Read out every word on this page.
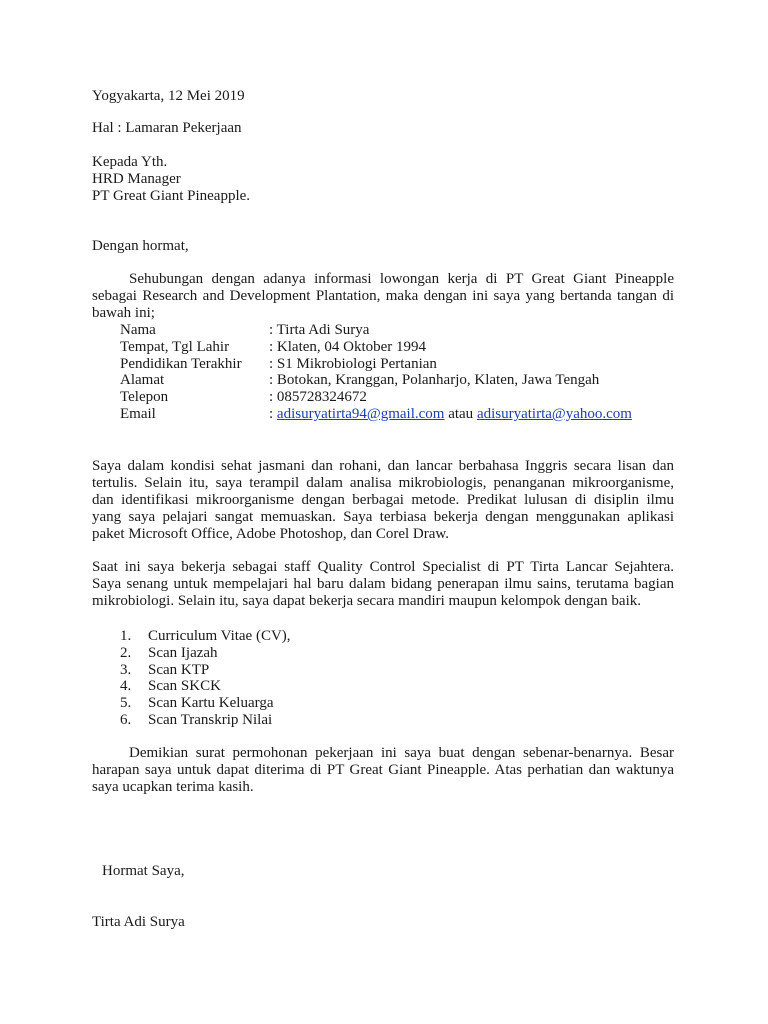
Yogyakarta, 12 Mei 2019
Hal : Lamaran Pekerjaan
Kepada Yth.
HRD Manager
PT Great Giant Pineapple.
Dengan hormat,
Sehubungan dengan adanya informasi lowongan kerja di PT Great Giant Pineapple
sebagai Research and Development Plantation, maka dengan ini saya yang bertanda tangan di
bawah ini;
Nama	: Tirta Adi Surya
Tempat, Tgl Lahir	: Klaten, 04 Oktober 1994
Pendidikan Terakhir : S1 Mikrobiologi Pertanian
Alamat	: Botokan, Kranggan, Polanharjo, Klaten, Jawa Tengah
Telepon	: 085728324672
Email	: adisuryatirta94@gmail.com atau adisuryatirta@yahoo.com
Saya dalam kondisi sehat jasmani dan rohani, dan lancar berbahasa Inggris secara lisan dan
tertulis. Selain itu, saya terampil dalam analisa mikrobiologis, penanganan mikroorganisme,
dan identifikasi mikroorganisme dengan berbagai metode. Predikat lulusan di disiplin ilmu
yang saya pelajari sangat memuaskan. Saya terbiasa bekerja dengan menggunakan aplikasi
paket Microsoft Office, Adobe Photoshop, dan Corel Draw.
Saat ini saya bekerja sebagai staff Quality Control Specialist di PT Tirta Lancar Sejahtera.
Saya senang untuk mempelajari hal baru dalam bidang penerapan ilmu sains, terutama bagian
mikrobiologi. Selain itu, saya dapat bekerja secara mandiri maupun kelompok dengan baik.
1. Curriculum Vitae (CV),
2. Scan Ijazah
3. Scan KTP
4. Scan SKCK
5. Scan Kartu Keluarga
6. Scan Transkrip Nilai
Demikian surat permohonan pekerjaan ini saya buat dengan sebenar-benarnya. Besar
harapan saya untuk dapat diterima di PT Great Giant Pineapple. Atas perhatian dan waktunya
saya ucapkan terima kasih.
Hormat Saya,
Tirta Adi Surya
